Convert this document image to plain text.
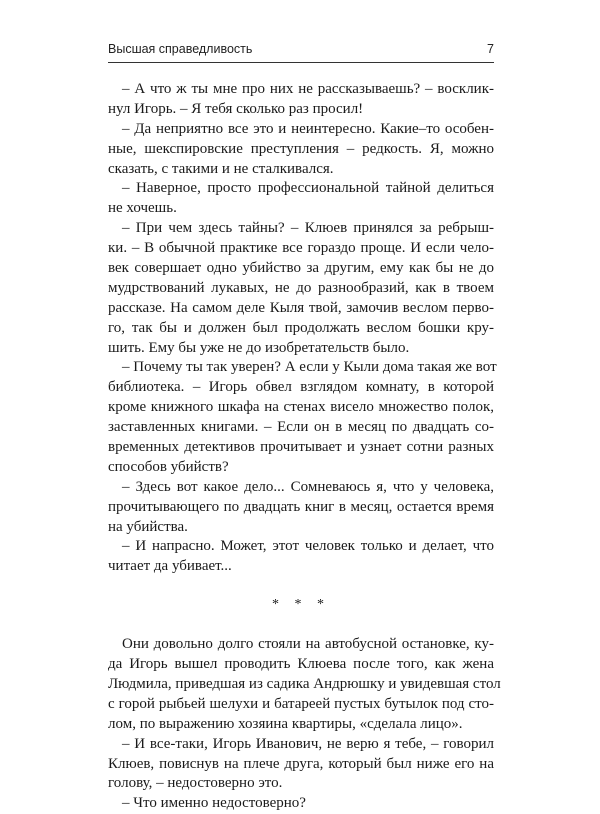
Высшая справедливость	7
– А что ж ты мне про них не рассказываешь? – восклик-
нул Игорь. – Я тебя сколько раз просил!
– Да неприятно все это и неинтересно. Какие–то особен-
ные, шекспировские преступления – редкость. Я, можно
сказать, с такими и не сталкивался.
– Наверное, просто профессиональной тайной делиться
не хочешь.
– При чем здесь тайны? – Клюев принялся за ребрыш-
ки. – В обычной практике все гораздо проще. И если чело-
век совершает одно убийство за другим, ему как бы не до
мудрствований лукавых, не до разнообразий, как в твоем
рассказе. На самом деле Кыля твой, замочив веслом перво-
го, так бы и должен был продолжать веслом бошки кру-
шить. Ему бы уже не до изобретательств было.
– Почему ты так уверен? А если у Кыли дома такая же вот
библиотека. – Игорь обвел взглядом комнату, в которой
кроме книжного шкафа на стенах висело множество полок,
заставленных книгами. – Если он в месяц по двадцать со-
временных детективов прочитывает и узнает сотни разных
способов убийств?
– Здесь вот какое дело... Сомневаюсь я, что у человека,
прочитывающего по двадцать книг в месяц, остается время
на убийства.
– И напрасно. Может, этот человек только и делает, что
читает да убивает...
* * *
Они довольно долго стояли на автобусной остановке, ку-
да Игорь вышел проводить Клюева после того, как жена
Людмила, приведшая из садика Андрюшку и увидевшая стол
с горой рыбьей шелухи и батареей пустых бутылок под сто-
лом, по выражению хозяина квартиры, «сделала лицо».
– И все-таки, Игорь Иванович, не верю я тебе, – говорил
Клюев, повиснув на плече друга, который был ниже его на
голову, – недостоверно это.
– Что именно недостоверно?
